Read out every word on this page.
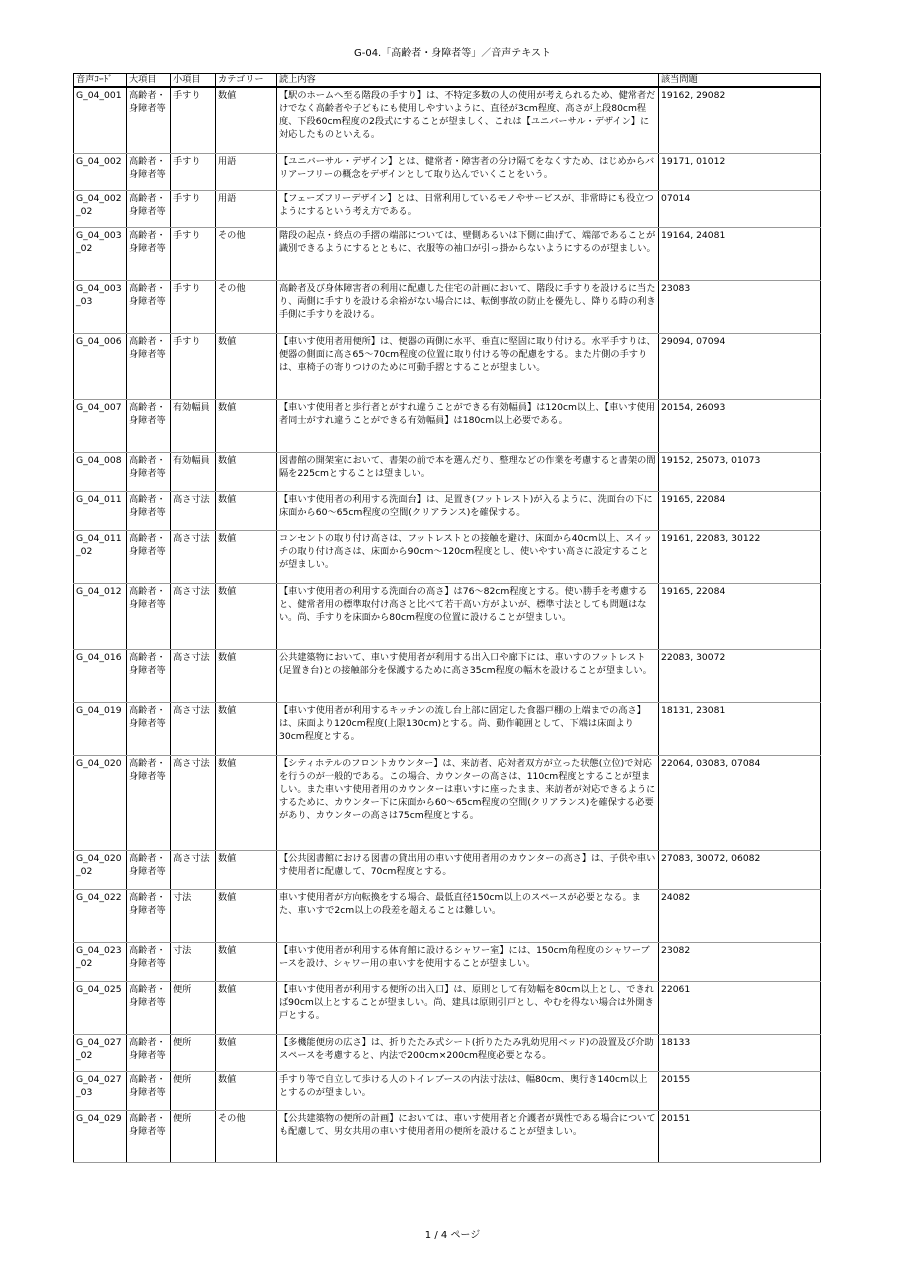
G-04.「高齢者・身障者等」／音声テキスト
音声ｺｰﾄﾞ	大項目	小項目	カテゴリー	読上内容	該当問題
G_04_001	高齢者・身障者等	手すり	数値	【駅のホームへ至る階段の手すり】は、不特定多数の人の使用が考えられるため、健常者だけでなく高齢者や子どもにも使用しやすいように、直径が3cm程度、高さが上段80cm程度、下段60cm程度の2段式にすることが望ましく、これは【ユニバーサル・デザイン】に対応したものといえる。	19162, 29082
G_04_002	高齢者・身障者等	手すり	用語	【ユニバーサル・デザイン】とは、健常者・障害者の分け隔てをなくすため、はじめからバリアーフリーの概念をデザインとして取り込んでいくことをいう。	19171, 01012
G_04_002_02	高齢者・身障者等	手すり	用語	【フェーズフリーデザイン】とは、日常利用しているモノやサービスが、非常時にも役立つようにするという考え方である。	07014
G_04_003_02	高齢者・身障者等	手すり	その他	階段の起点・終点の手摺の端部については、壁側あるいは下側に曲げて、端部であることが識別できるようにするとともに、衣服等の袖口が引っ掛からないようにするのが望ましい。	19164, 24081
G_04_003_03	高齢者・身障者等	手すり	その他	高齢者及び身体障害者の利用に配慮した住宅の計画において、階段に手すりを設けるに当たり、両側に手すりを設ける余裕がない場合には、転倒事故の防止を優先し、降りる時の利き手側に手すりを設ける。	23083
G_04_006	高齢者・身障者等	手すり	数値	【車いす使用者用便所】は、便器の両側に水平、垂直に堅固に取り付ける。水平手すりは、便器の側面に高さ65～70cm程度の位置に取り付ける等の配慮をする。また片側の手すりは、車椅子の寄りつけのために可動手摺とすることが望ましい。	29094, 07094
G_04_007	高齢者・身障者等	有効幅員	数値	【車いす使用者と歩行者とがすれ違うことができる有効幅員】は120cm以上、【車いす使用者同士がすれ違うことができる有効幅員】は180cm以上必要である。	20154, 26093
G_04_008	高齢者・身障者等	有効幅員	数値	図書館の開架室において、書架の前で本を選んだり、整理などの作業を考慮すると書架の間隔を225cmとすることは望ましい。	19152, 25073, 01073
G_04_011	高齢者・身障者等	高さ寸法	数値	【車いす使用者の利用する洗面台】は、足置き(フットレスト)が入るように、洗面台の下に床面から60～65cm程度の空間(クリアランス)を確保する。	19165, 22084
G_04_011_02	高齢者・身障者等	高さ寸法	数値	コンセントの取り付け高さは、フットレストとの接触を避け、床面から40cm以上、スイッチの取り付け高さは、床面から90cm～120cm程度とし、使いやすい高さに設定することが望ましい。	19161, 22083, 30122
G_04_012	高齢者・身障者等	高さ寸法	数値	【車いす使用者の利用する洗面台の高さ】は76～82cm程度とする。使い勝手を考慮すると、健常者用の標準取付け高さと比べて若干高い方がよいが、標準寸法としても問題はない。尚、手すりを床面から80cm程度の位置に設けることが望ましい。	19165, 22084
G_04_016	高齢者・身障者等	高さ寸法	数値	公共建築物において、車いす使用者が利用する出入口や廊下には、車いすのフットレスト(足置き台)との接触部分を保護するために高さ35cm程度の幅木を設けることが望ましい。	22083, 30072
G_04_019	高齢者・身障者等	高さ寸法	数値	【車いす使用者が利用するキッチンの流し台上部に固定した食器戸棚の上端までの高さ】は、床面より120cm程度(上限130cm)とする。尚、動作範囲として、下端は床面より30cm程度とする。	18131, 23081
G_04_020	高齢者・身障者等	高さ寸法	数値	【シティホテルのフロントカウンター】は、来訪者、応対者双方が立った状態(立位)で対応を行うのが一般的である。この場合、カウンターの高さは、110cm程度とすることが望ましい。また車いす使用者用のカウンターは車いすに座ったまま、来訪者が対応できるようにするために、カウンター下に床面から60～65cm程度の空間(クリアランス)を確保する必要があり、カウンターの高さは75cm程度とする。	22064, 03083, 07084
G_04_020_02	高齢者・身障者等	高さ寸法	数値	【公共図書館における図書の貸出用の車いす使用者用のカウンターの高さ】は、子供や車いす使用者に配慮して、70cm程度とする。	27083, 30072, 06082
G_04_022	高齢者・身障者等	寸法	数値	車いす使用者が方向転換をする場合、最低直径150cm以上のスペースが必要となる。また、車いすで2cm以上の段差を超えることは難しい。	24082
G_04_023_02	高齢者・身障者等	寸法	数値	【車いす使用者が利用する体育館に設けるシャワー室】には、150cm角程度のシャワーブースを設け、シャワー用の車いすを使用することが望ましい。	23082
G_04_025	高齢者・身障者等	便所	数値	【車いす使用者が利用する便所の出入口】は、原則として有効幅を80cm以上とし、できれば90cm以上とすることが望ましい。尚、建具は原則引戸とし、やむを得ない場合は外開き戸とする。	22061
G_04_027_02	高齢者・身障者等	便所	数値	【多機能便房の広さ】は、折りたたみ式シート(折りたたみ乳幼児用ベッド)の設置及び介助スペースを考慮すると、内法で200cm×200cm程度必要となる。	18133
G_04_027_03	高齢者・身障者等	便所	数値	手すり等で自立して歩ける人のトイレブースの内法寸法は、幅80cm、奥行き140cm以上とするのが望ましい。	20155
G_04_029	高齢者・身障者等	便所	その他	【公共建築物の便所の計画】においては、車いす使用者と介護者が異性である場合についても配慮して、男女共用の車いす使用者用の便所を設けることが望ましい。	20151
1 / 4 ページ
